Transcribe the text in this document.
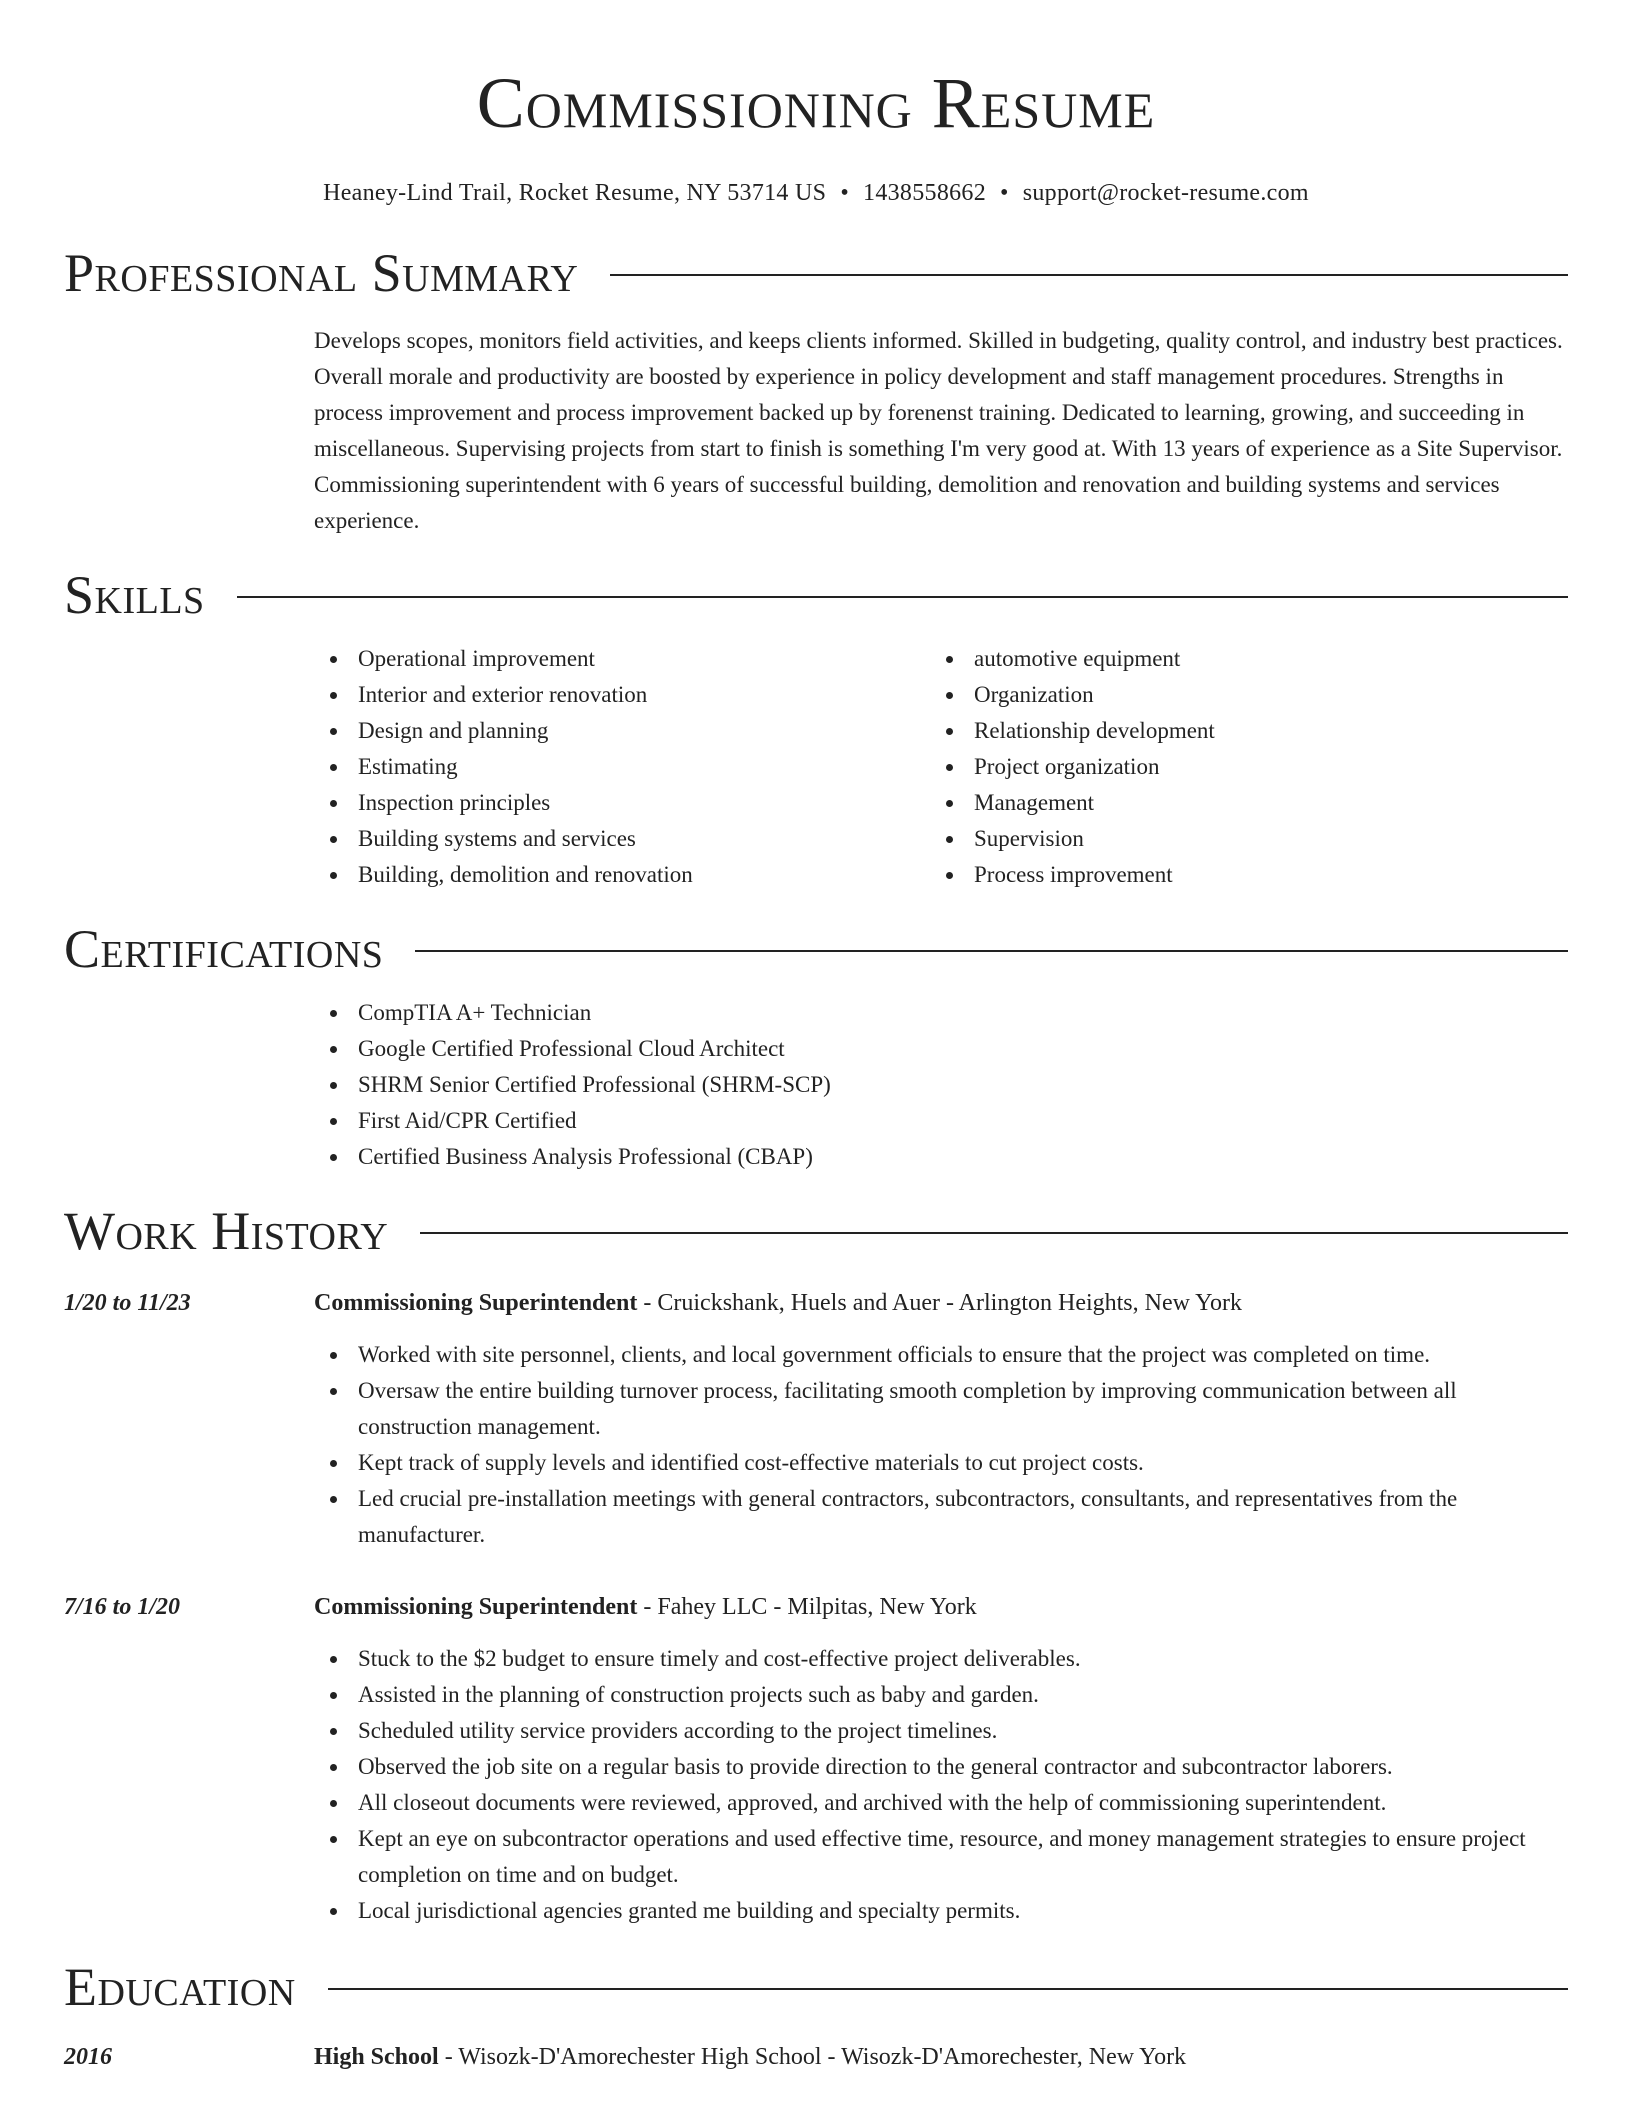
Commissioning Resume
Heaney-Lind Trail, Rocket Resume, NY 53714 US • 1438558662 • support@rocket-resume.com
Professional Summary
Develops scopes, monitors field activities, and keeps clients informed. Skilled in budgeting, quality control, and industry best practices. Overall morale and productivity are boosted by experience in policy development and staff management procedures. Strengths in process improvement and process improvement backed up by forenenst training. Dedicated to learning, growing, and succeeding in miscellaneous. Supervising projects from start to finish is something I'm very good at. With 13 years of experience as a Site Supervisor. Commissioning superintendent with 6 years of successful building, demolition and renovation and building systems and services experience.
Skills
Operational improvement
Interior and exterior renovation
Design and planning
Estimating
Inspection principles
Building systems and services
Building, demolition and renovation
automotive equipment
Organization
Relationship development
Project organization
Management
Supervision
Process improvement
Certifications
CompTIA A+ Technician
Google Certified Professional Cloud Architect
SHRM Senior Certified Professional (SHRM-SCP)
First Aid/CPR Certified
Certified Business Analysis Professional (CBAP)
Work History
1/20 to 11/23	Commissioning Superintendent - Cruickshank, Huels and Auer - Arlington Heights, New York
Worked with site personnel, clients, and local government officials to ensure that the project was completed on time.
Oversaw the entire building turnover process, facilitating smooth completion by improving communication between all construction management.
Kept track of supply levels and identified cost-effective materials to cut project costs.
Led crucial pre-installation meetings with general contractors, subcontractors, consultants, and representatives from the manufacturer.
7/16 to 1/20	Commissioning Superintendent - Fahey LLC - Milpitas, New York
Stuck to the $2 budget to ensure timely and cost-effective project deliverables.
Assisted in the planning of construction projects such as baby and garden.
Scheduled utility service providers according to the project timelines.
Observed the job site on a regular basis to provide direction to the general contractor and subcontractor laborers.
All closeout documents were reviewed, approved, and archived with the help of commissioning superintendent.
Kept an eye on subcontractor operations and used effective time, resource, and money management strategies to ensure project completion on time and on budget.
Local jurisdictional agencies granted me building and specialty permits.
Education
2016	High School - Wisozk-D'Amorechester High School - Wisozk-D'Amorechester, New York
